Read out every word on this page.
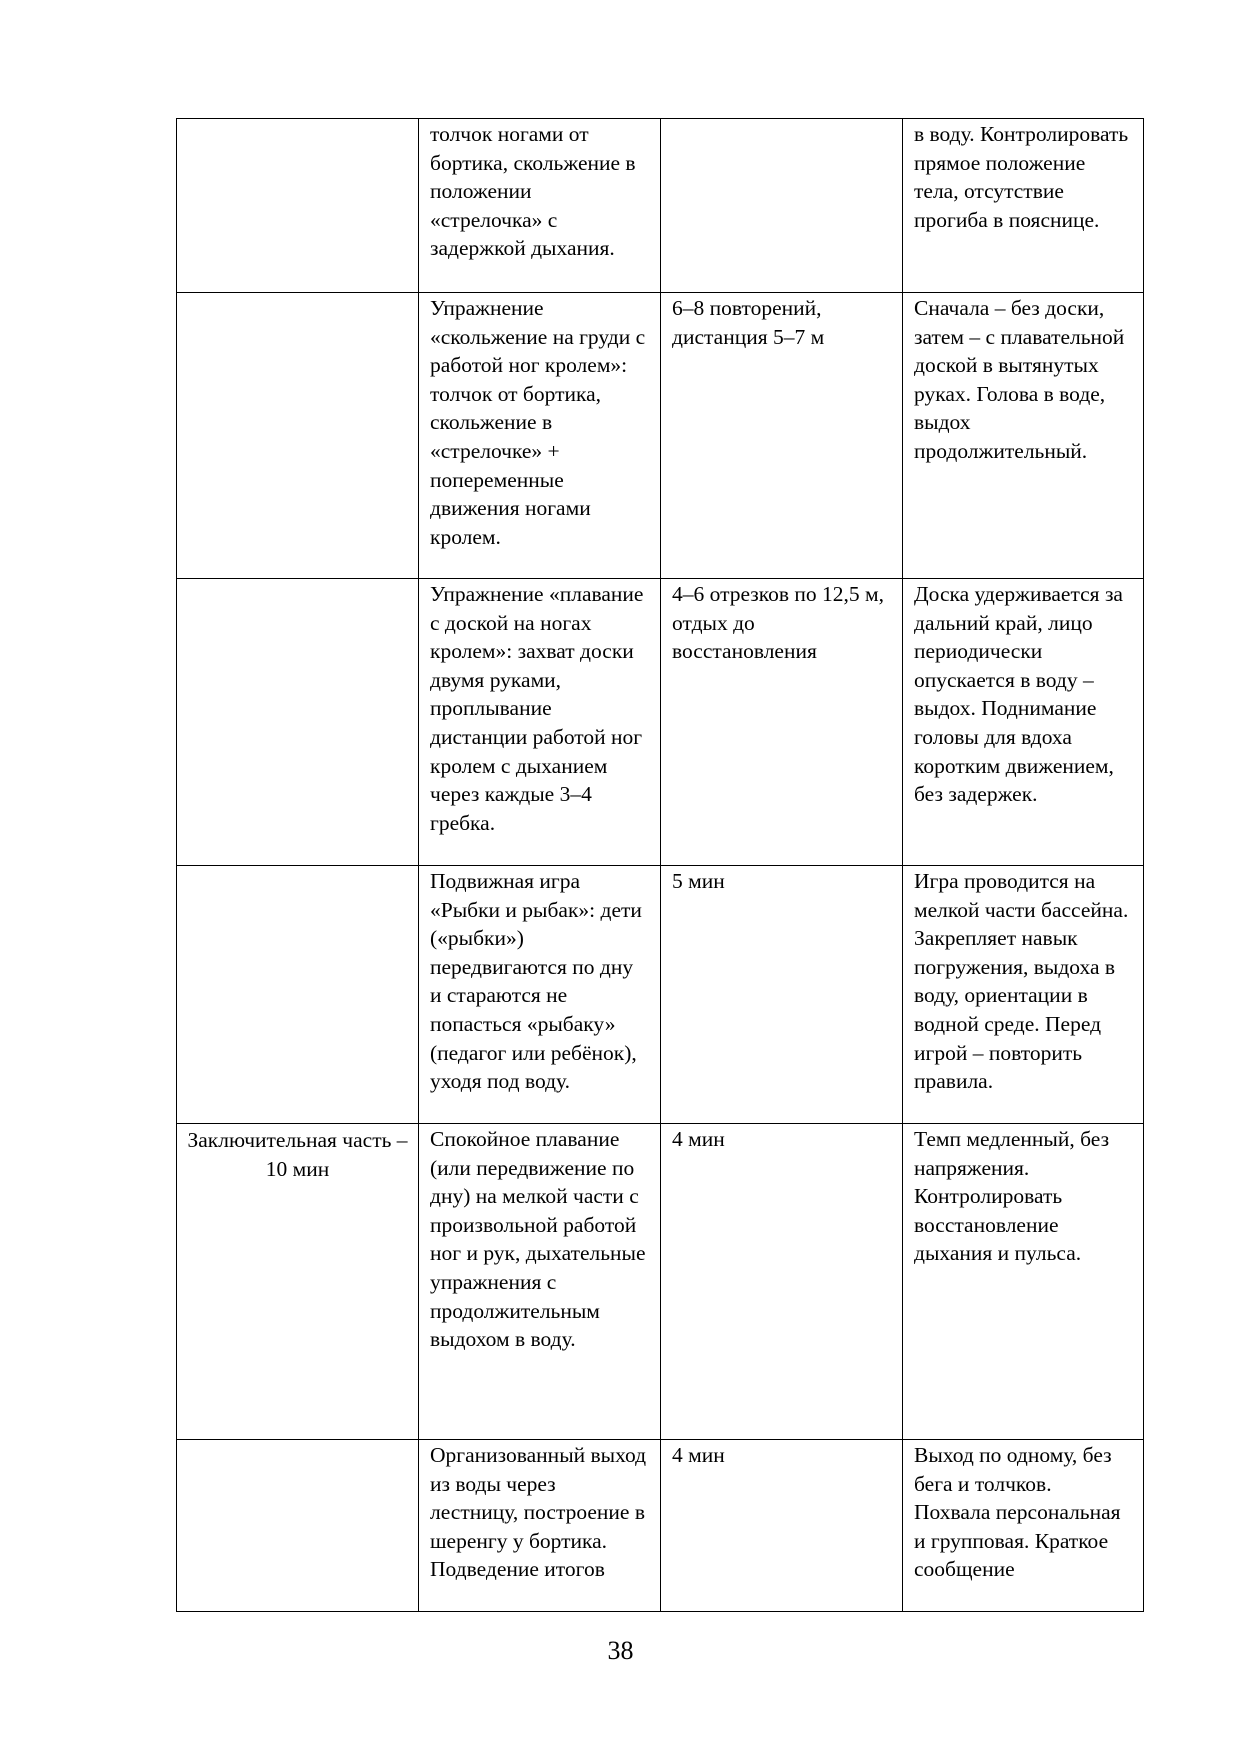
	толчок ногами от бортика, скольжение в положении «стрелочка» с задержкой дыхания.		в воду. Контролировать прямое положение тела, отсутствие прогиба в пояснице.
	Упражнение «скольжение на груди с работой ног кролем»: толчок от бортика, скольжение в «стрелочке» + попеременные движения ногами кролем.	6–8 повторений, дистанция 5–7 м	Сначала – без доски, затем – с плавательной доской в вытянутых руках. Голова в воде, выдох продолжительный.
	Упражнение «плавание с доской на ногах кролем»: захват доски двумя руками, проплывание дистанции работой ног кролем с дыханием через каждые 3–4 гребка.	4–6 отрезков по 12,5 м, отдых до восстановления	Доска удерживается за дальний край, лицо периодически опускается в воду – выдох. Поднимание головы для вдоха коротким движением, без задержек.
	Подвижная игра «Рыбки и рыбак»: дети («рыбки») передвигаются по дну и стараются не попасться «рыбаку» (педагог или ребёнок), уходя под воду.	5 мин	Игра проводится на мелкой части бассейна. Закрепляет навык погружения, выдоха в воду, ориентации в водной среде. Перед игрой – повторить правила.
Заключительная часть – 10 мин	Спокойное плавание (или передвижение по дну) на мелкой части с произвольной работой ног и рук, дыхательные упражнения с продолжительным выдохом в воду.	4 мин	Темп медленный, без напряжения. Контролировать восстановление дыхания и пульса.
	Организованный выход из воды через лестницу, построение в шеренгу у бортика. Подведение итогов	4 мин	Выход по одному, без бега и толчков. Похвала персональная и групповая. Краткое сообщение
38
